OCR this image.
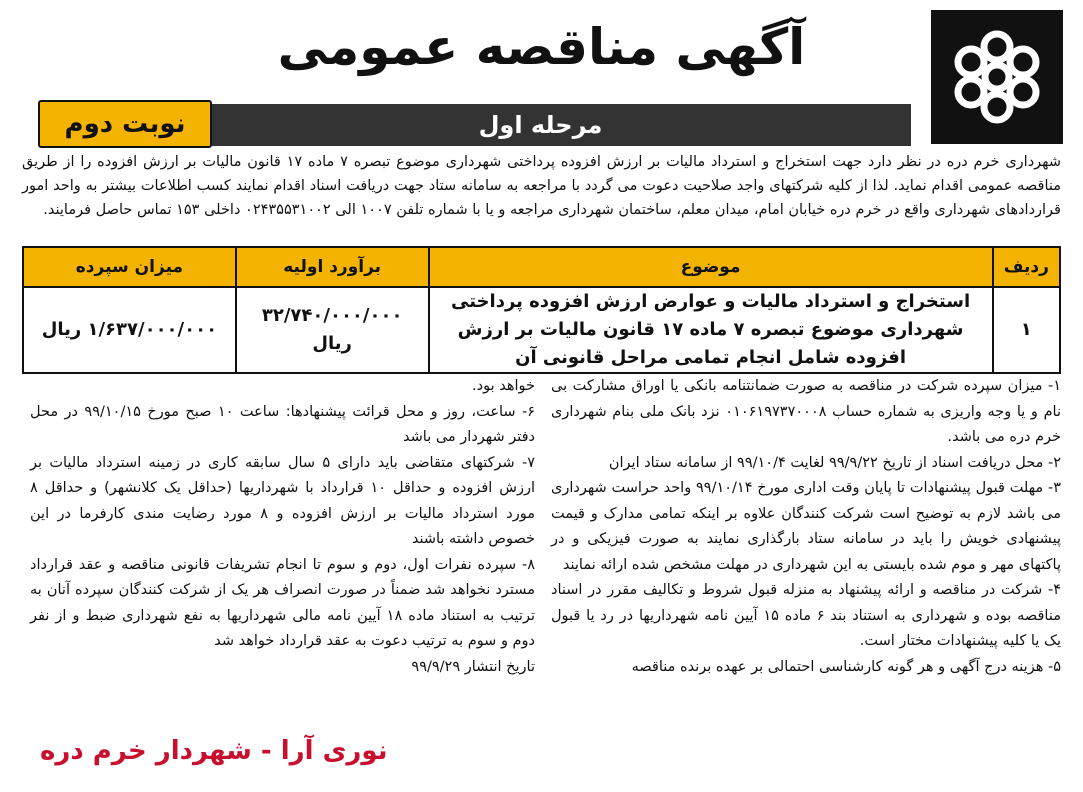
آگهی مناقصه عمومی
مرحله اول
نوبت دوم
شهرداری خرم دره در نظر دارد جهت استخراج و استرداد مالیات بر ارزش افزوده پرداختی شهرداری موضوع تبصره ۷ ماده ۱۷ قانون مالیات بر ارزش افزوده را از طریق مناقصه عمومی اقدام نماید. لذا از کلیه شرکتهای واجد صلاحیت دعوت می گردد با مراجعه به سامانه ستاد جهت دریافت اسناد اقدام نمایند کسب اطلاعات بیشتر به واحد امور قراردادهای شهرداری واقع در خرم دره خیابان امام، میدان معلم، ساختمان شهرداری مراجعه و یا با شماره تلفن ۱۰۰۷ الی ۰۲۴۳۵۵۳۱۰۰۲ داخلی ۱۵۳ تماس حاصل فرمایند.
ردیف	موضوع	برآورد اولیه	میزان سپرده
۱	استخراج و استرداد مالیات و عوارض ارزش افزوده پرداختی شهرداری موضوع تبصره ۷ ماده ۱۷ قانون مالیات بر ارزش افزوده شامل انجام تمامی مراحل قانونی آن	۳۲/۷۴۰/۰۰۰/۰۰۰ ریال	۱/۶۳۷/۰۰۰/۰۰۰ ریال

۱- میزان سپرده شرکت در مناقصه به صورت ضمانتنامه بانکی یا اوراق مشارکت بی نام و یا وجه واریزی به شماره حساب ۰۱۰۶۱۹۷۳۷۰۰۰۸ نزد بانک ملی بنام شهرداری خرم دره می باشد.

۲- محل دریافت اسناد از تاریخ ۹۹/۹/۲۲ لغایت ۹۹/۱۰/۴ از سامانه ستاد ایران

۳- مهلت قبول پیشنهادات تا پایان وقت اداری مورخ ۹۹/۱۰/۱۴ واحد حراست شهرداری می باشد لازم به توضیح است شرکت کنندگان علاوه بر اینکه تمامی مدارک و قیمت پیشنهادی خویش را باید در سامانه ستاد بارگذاری نمایند به صورت فیزیکی و در پاکتهای مهر و موم شده بایستی به این شهرداری در مهلت مشخص شده ارائه نمایند

۴- شرکت در مناقصه و ارائه پیشنهاد به منزله قبول شروط و تکالیف مقرر در اسناد مناقصه بوده و شهرداری به استناد بند ۶ ماده ۱۵ آیین نامه شهرداریها در رد یا قبول یک یا کلیه پیشنهادات مختار است.

۵- هزینه درج آگهی و هر گونه کارشناسی احتمالی بر عهده برنده مناقصه

خواهد بود.

۶- ساعت، روز و محل قرائت پیشنهادها: ساعت ۱۰ صبح مورخ ۹۹/۱۰/۱۵ در محل دفتر شهردار می باشد

۷- شرکتهای متقاضی باید دارای ۵ سال سابقه کاری در زمینه استرداد مالیات بر ارزش افزوده و حداقل ۱۰ قرارداد با شهرداریها (حداقل یک کلانشهر) و حداقل ۸ مورد استرداد مالیات بر ارزش افزوده و ۸ مورد رضایت مندی کارفرما در این خصوص داشته باشند

۸- سپرده نفرات اول، دوم و سوم تا انجام تشریفات قانونی مناقصه و عقد قرارداد مسترد نخواهد شد ضمناً در صورت انصراف هر یک از شرکت کنندگان سپرده آنان به ترتیب به استناد ماده ۱۸ آیین نامه مالی شهرداریها به نفع شهرداری ضبط و از نفر دوم و سوم به ترتیب دعوت به عقد قرارداد خواهد شد

تاریخ انتشار ۹۹/۹/۲۹

نوری آرا - شهردار خرم دره
